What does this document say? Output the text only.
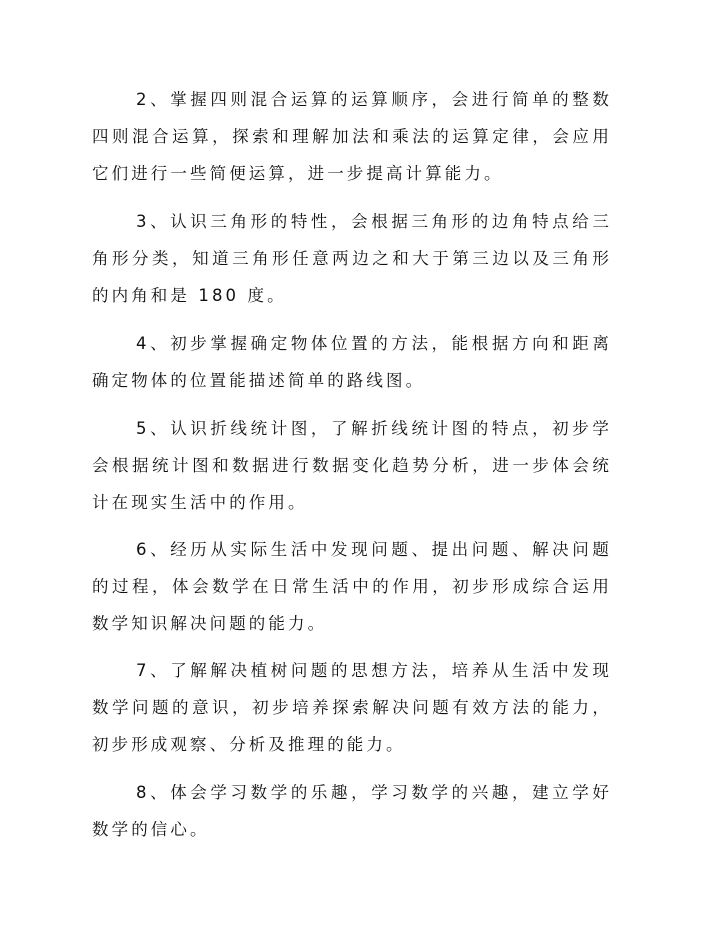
2、掌握四则混合运算的运算顺序，会进行简单的整数四则混合运算，探索和理解加法和乘法的运算定律，会应用它们进行一些简便运算，进一步提高计算能力。

3、认识三角形的特性，会根据三角形的边角特点给三角形分类，知道三角形任意两边之和大于第三边以及三角形的内角和是 180 度。

4、初步掌握确定物体位置的方法，能根据方向和距离确定物体的位置能描述简单的路线图。

5、认识折线统计图，了解折线统计图的特点，初步学会根据统计图和数据进行数据变化趋势分析，进一步体会统计在现实生活中的作用。

6、经历从实际生活中发现问题、提出问题、解决问题的过程，体会数学在日常生活中的作用，初步形成综合运用数学知识解决问题的能力。

7、了解解决植树问题的思想方法，培养从生活中发现数学问题的意识，初步培养探索解决问题有效方法的能力，初步形成观察、分析及推理的能力。

8、体会学习数学的乐趣，学习数学的兴趣，建立学好数学的信心。
